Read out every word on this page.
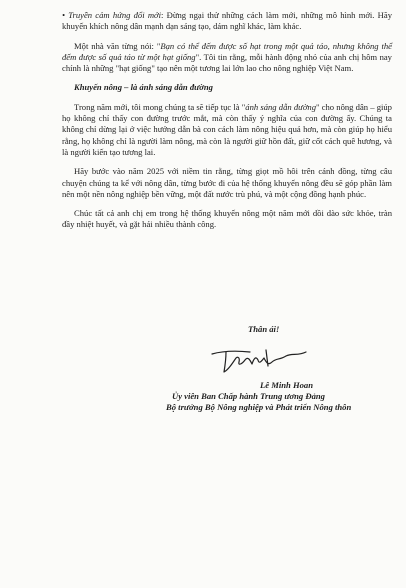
• Truyền cảm hứng đổi mới: Đừng ngại thử những cách làm mới, những mô hình mới. Hãy khuyến khích nông dân mạnh dạn sáng tạo, dám nghĩ khác, làm khác.

Một nhà văn từng nói: "Bạn có thể đếm được số hạt trong một quả táo, nhưng không thể đếm được số quả táo từ một hạt giống". Tôi tin rằng, mỗi hành động nhỏ của anh chị hôm nay chính là những "hạt giống" tạo nên một tương lai lớn lao cho nông nghiệp Việt Nam.

Khuyến nông – là ánh sáng dẫn đường

Trong năm mới, tôi mong chúng ta sẽ tiếp tục là "ánh sáng dẫn đường" cho nông dân – giúp họ không chỉ thấy con đường trước mắt, mà còn thấy ý nghĩa của con đường ấy. Chúng ta không chỉ dừng lại ở việc hướng dẫn bà con cách làm nông hiệu quả hơn, mà còn giúp họ hiểu rằng, họ không chỉ là người làm nông, mà còn là người giữ hồn đất, giữ cốt cách quê hương, và là người kiến tạo tương lai.

Hãy bước vào năm 2025 với niềm tin rằng, từng giọt mồ hôi trên cánh đồng, từng câu chuyện chúng ta kể với nông dân, từng bước đi của hệ thống khuyến nông đều sẽ góp phần làm nên một nền nông nghiệp bền vững, một đất nước trù phú, và một cộng đồng hạnh phúc.

Chúc tất cả anh chị em trong hệ thống khuyến nông một năm mới dồi dào sức khỏe, tràn đầy nhiệt huyết, và gặt hái nhiều thành công.

Thân ái!
Lê Minh Hoan
Ủy viên Ban Chấp hành Trung ương Đảng
Bộ trưởng Bộ Nông nghiệp và Phát triển Nông thôn
